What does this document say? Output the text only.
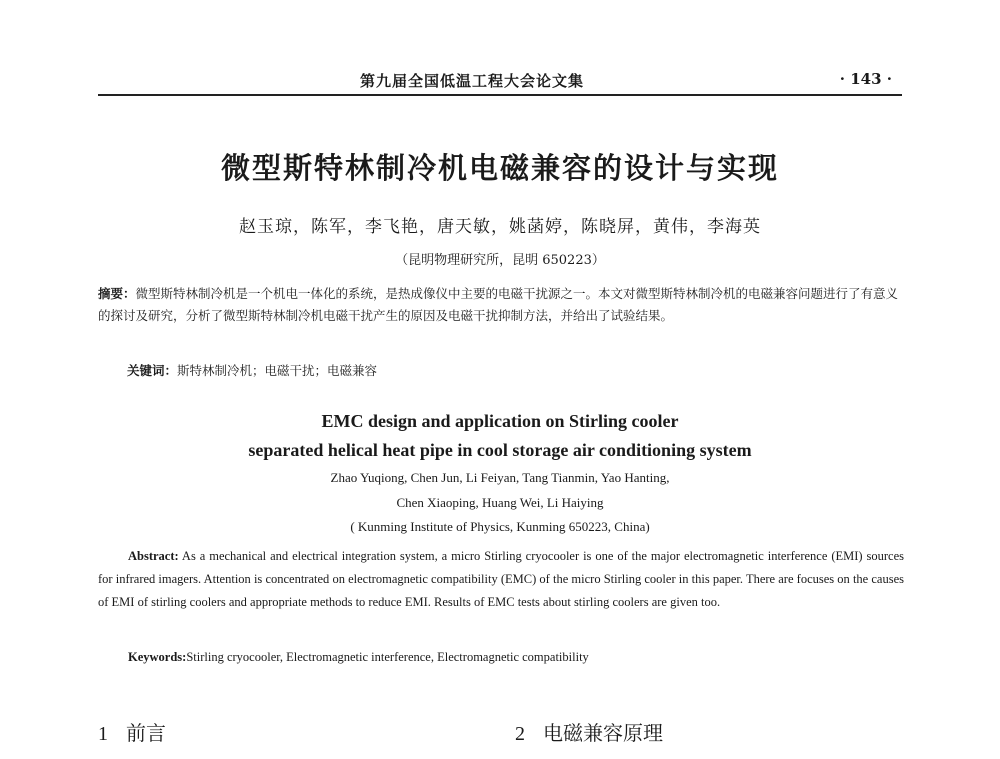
第九届全国低温工程大会论文集	· 143 ·
微型斯特林制冷机电磁兼容的设计与实现
赵玉琼，陈军，李飞艳，唐天敏，姚菡婷，陈晓屏，黄伟，李海英
（昆明物理研究所，昆明 650223）
摘要：微型斯特林制冷机是一个机电一体化的系统，是热成像仪中主要的电磁干扰源之一。本文对微型斯特林制冷机的电磁兼容问题进行了有意义的探讨及研究，分析了微型斯特林制冷机电磁干扰产生的原因及电磁干扰抑制方法，并给出了试验结果。
关键词：斯特林制冷机；电磁干扰；电磁兼容
EMC design and application on Stirling cooler
separated helical heat pipe in cool storage air conditioning system
Zhao Yuqiong, Chen Jun, Li Feiyan, Tang Tianmin, Yao Hanting,
Chen Xiaoping, Huang Wei, Li Haiying
( Kunming Institute of Physics, Kunming 650223, China)
Abstract: As a mechanical and electrical integration system, a micro Stirling cryocooler is one of the major electromagnetic interference (EMI) sources for infrared imagers. Attention is concentrated on electromagnetic compatibility (EMC) of the micro Stirling cooler in this paper. There are focuses on the causes of EMI of stirling coolers and appropriate methods to reduce EMI. Results of EMC tests about stirling coolers are given too.
Keywords:Stirling cryocooler, Electromagnetic interference, Electromagnetic compatibility
1 前言	2 电磁兼容原理
